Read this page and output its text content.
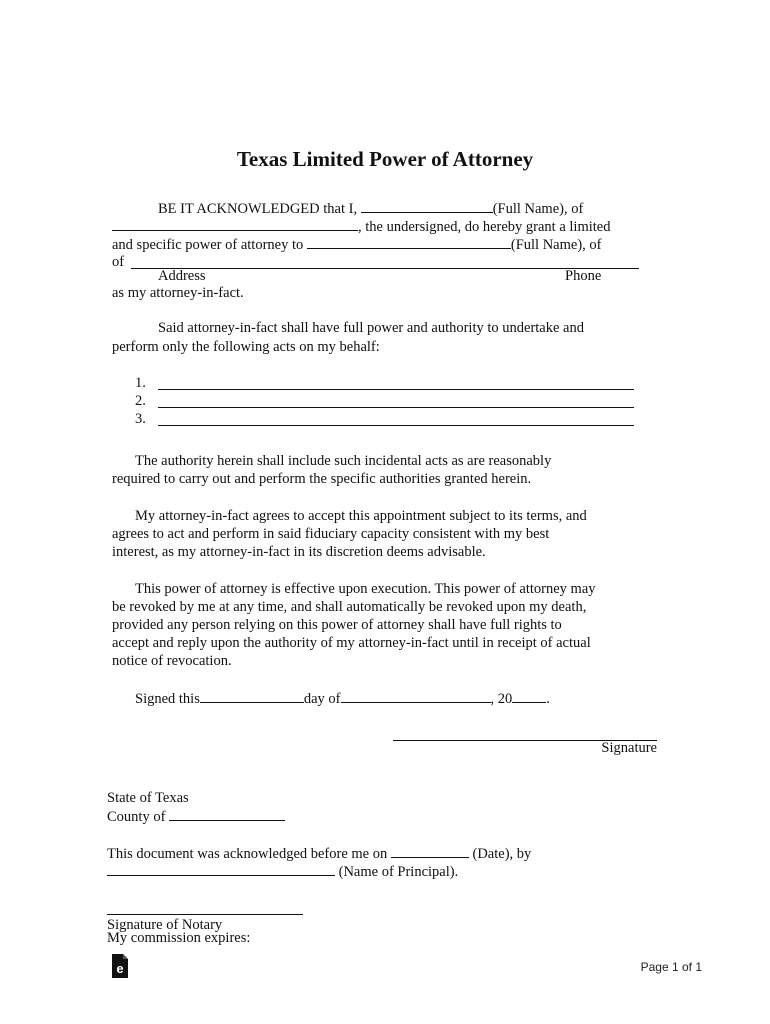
Texas Limited Power of Attorney
BE IT ACKNOWLEDGED that I,	(Full Name), of
, the undersigned, do hereby grant a limited
and specific power of attorney to	(Full Name), of
of
Address	Phone
as my attorney-in-fact.
Said attorney-in-fact shall have full power and authority to undertake and
perform only the following acts on my behalf:
1.
2.
3.
The authority herein shall include such incidental acts as are reasonably
required to carry out and perform the specific authorities granted herein.
My attorney-in-fact agrees to accept this appointment subject to its terms, and
agrees to act and perform in said fiduciary capacity consistent with my best
interest, as my attorney-in-fact in its discretion deems advisable.
This power of attorney is effective upon execution. This power of attorney may
be revoked by me at any time, and shall automatically be revoked upon my death,
provided any person relying on this power of attorney shall have full rights to
accept and reply upon the authority of my attorney-in-fact until in receipt of actual
notice of revocation.
Signed this	day of	, 20 .
Signature
State of Texas
County of
This document was acknowledged before me on	(Date), by
(Name of Principal).
Signature of Notary
My commission expires:
e	Page 1 of 1
